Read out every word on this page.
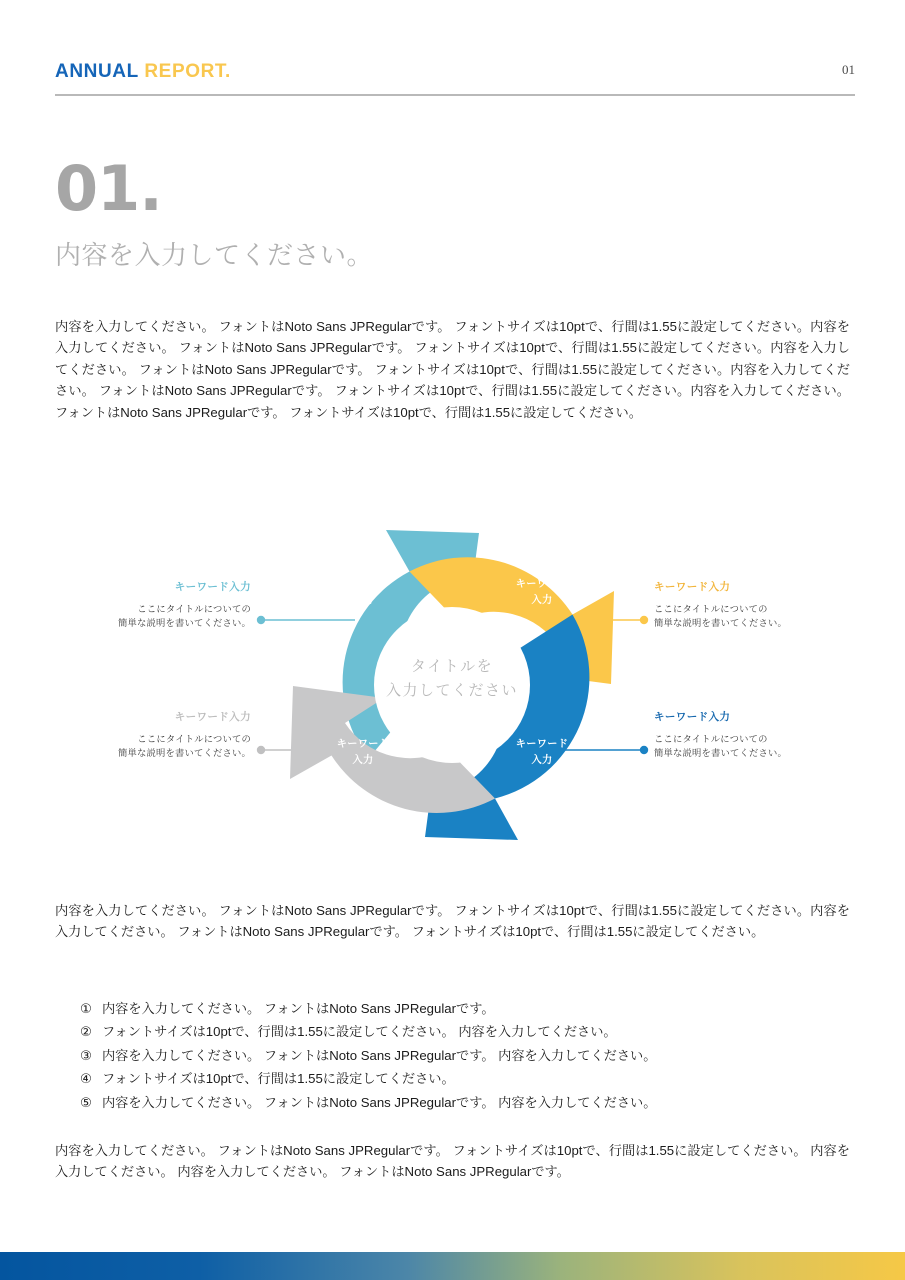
ANNUAL REPORT.	01
01.
内容を入力してください。
内容を入力してください。 フォントはNoto Sans JPRegularです。 フォントサイズは10ptで、行間は1.55に設定してください。内容を入力してください。 フォントはNoto Sans JPRegularです。 フォントサイズは10ptで、行間は1.55に設定してください。内容を入力してください。 フォントはNoto Sans JPRegularです。 フォントサイズは10ptで、行間は1.55に設定してください。内容を入力してください。 フォントはNoto Sans JPRegularです。 フォントサイズは10ptで、行間は1.55に設定してください。内容を入力してください。 フォントはNoto Sans JPRegularです。 フォントサイズは10ptで、行間は1.55に設定してください。
タイトルを
入力してください
キーワード
入力
キーワード
入力
キーワード
入力
キーワード
入力
キーワード入力
ここにタイトルについての
簡単な説明を書いてください。
キーワード入力
ここにタイトルについての
簡単な説明を書いてください。
キーワード入力
ここにタイトルについての
簡単な説明を書いてください。
キーワード入力
ここにタイトルについての
簡単な説明を書いてください。
内容を入力してください。 フォントはNoto Sans JPRegularです。 フォントサイズは10ptで、行間は1.55に設定してください。内容を入力してください。 フォントはNoto Sans JPRegularです。 フォントサイズは10ptで、行間は1.55に設定してください。
① 内容を入力してください。 フォントはNoto Sans JPRegularです。
② フォントサイズは10ptで、行間は1.55に設定してください。 内容を入力してください。
③ 内容を入力してください。 フォントはNoto Sans JPRegularです。 内容を入力してください。
④ フォントサイズは10ptで、行間は1.55に設定してください。
⑤ 内容を入力してください。 フォントはNoto Sans JPRegularです。 内容を入力してください。
内容を入力してください。 フォントはNoto Sans JPRegularです。 フォントサイズは10ptで、行間は1.55に設定してください。 内容を入力してください。 内容を入力してください。 フォントはNoto Sans JPRegularです。
